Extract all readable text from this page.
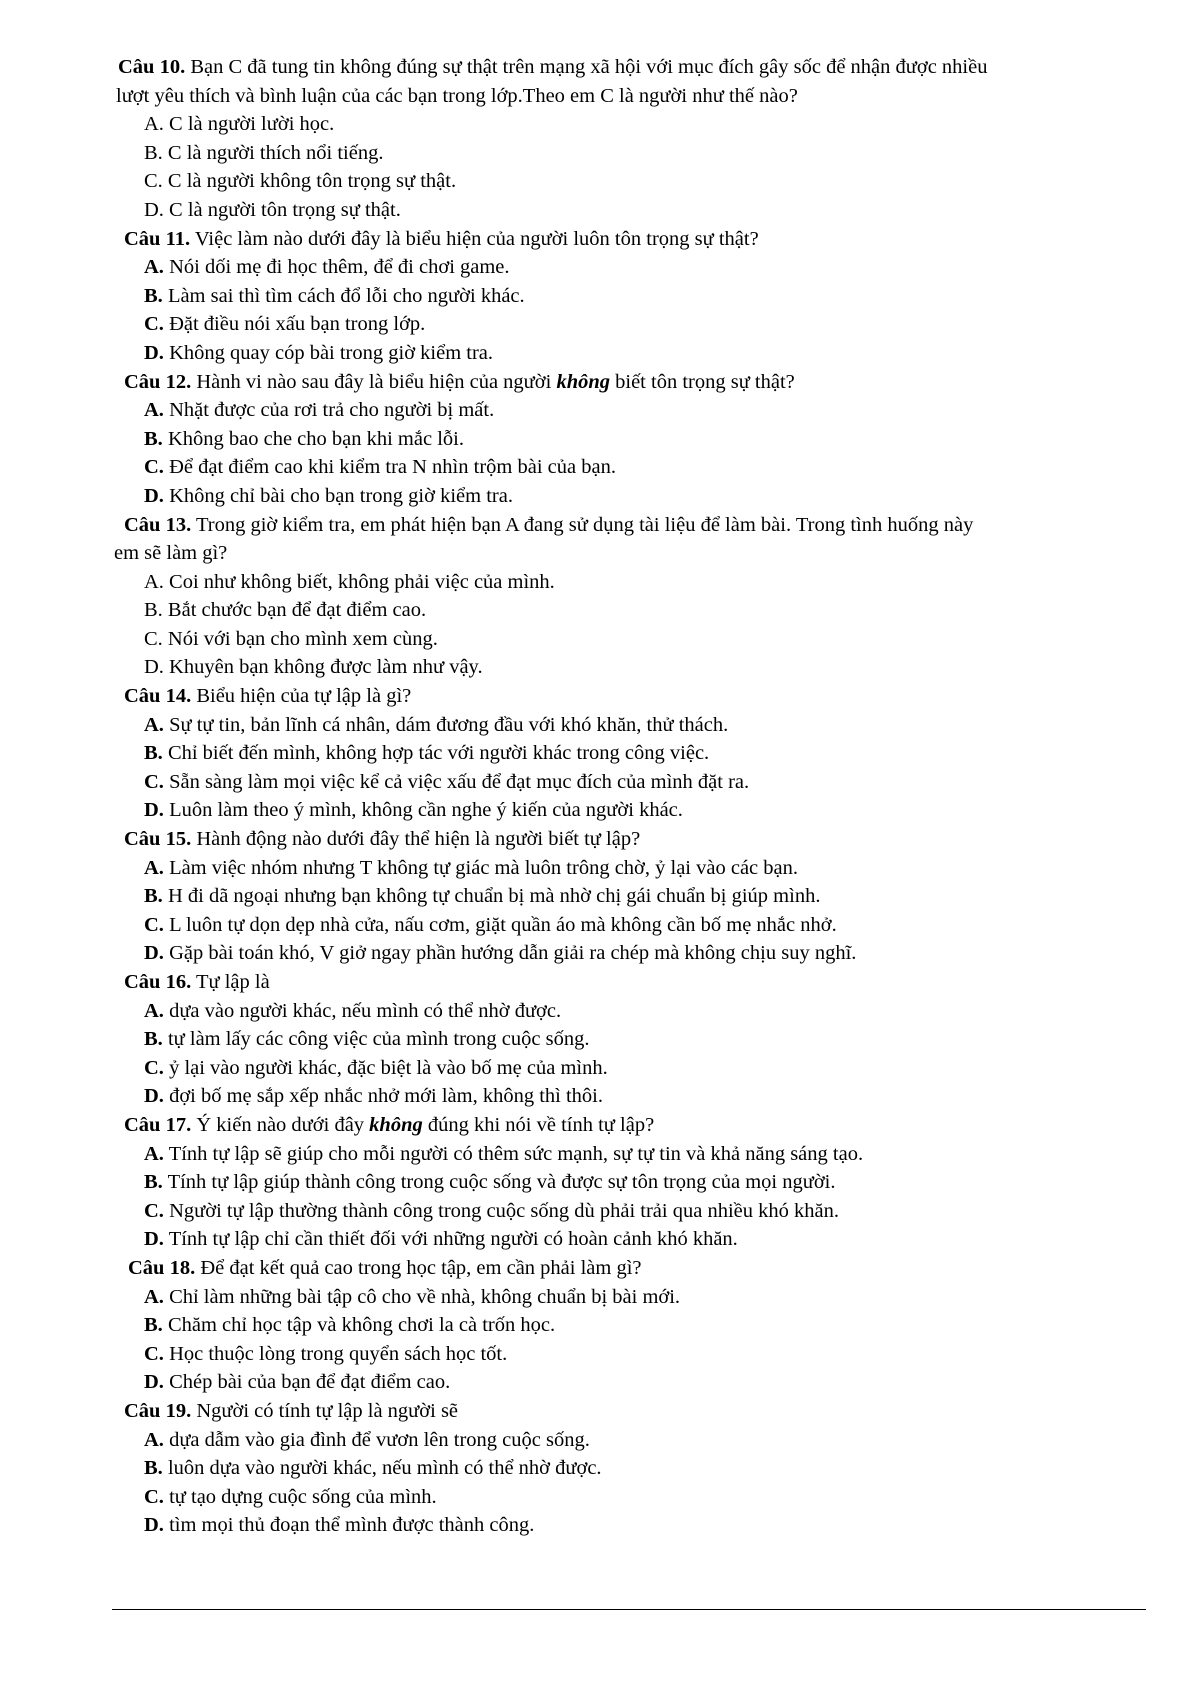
Câu 10. Bạn C đã tung tin không đúng sự thật trên mạng xã hội với mục đích gây sốc để nhận được nhiều
lượt yêu thích và bình luận của các bạn trong lớp.Theo em C là người như thế nào?
A. C là người lười học.
B. C là người thích nổi tiếng.
C. C là người không tôn trọng sự thật.
D. C là người tôn trọng sự thật.
Câu 11. Việc làm nào dưới đây là biểu hiện của người luôn tôn trọng sự thật?
A. Nói dối mẹ đi học thêm, để đi chơi game.
B. Làm sai thì tìm cách đổ lỗi cho người khác.
C. Đặt điều nói xấu bạn trong lớp.
D. Không quay cóp bài trong giờ kiểm tra.
Câu 12. Hành vi nào sau đây là biểu hiện của người không biết tôn trọng sự thật?
A. Nhặt được của rơi trả cho người bị mất.
B. Không bao che cho bạn khi mắc lỗi.
C. Để đạt điểm cao khi kiểm tra N nhìn trộm bài của bạn.
D. Không chỉ bài cho bạn trong giờ kiểm tra.
Câu 13. Trong giờ kiểm tra, em phát hiện bạn A đang sử dụng tài liệu để làm bài. Trong tình huống này
em sẽ làm gì?
A. Coi như không biết, không phải việc của mình.
B. Bắt chước bạn để đạt điểm cao.
C. Nói với bạn cho mình xem cùng.
D. Khuyên bạn không được làm như vậy.
Câu 14. Biểu hiện của tự lập là gì?
A. Sự tự tin, bản lĩnh cá nhân, dám đương đầu với khó khăn, thử thách.
B. Chỉ biết đến mình, không hợp tác với người khác trong công việc.
C. Sẵn sàng làm mọi việc kể cả việc xấu để đạt mục đích của mình đặt ra.
D. Luôn làm theo ý mình, không cần nghe ý kiến của người khác.
Câu 15. Hành động nào dưới đây thể hiện là người biết tự lập?
A. Làm việc nhóm nhưng T không tự giác mà luôn trông chờ, ỷ lại vào các bạn.
B. H đi dã ngoại nhưng bạn không tự chuẩn bị mà nhờ chị gái chuẩn bị giúp mình.
C. L luôn tự dọn dẹp nhà cửa, nấu cơm, giặt quần áo mà không cần bố mẹ nhắc nhở.
D. Gặp bài toán khó, V giở ngay phần hướng dẫn giải ra chép mà không chịu suy nghĩ.
Câu 16. Tự lập là
A. dựa vào người khác, nếu mình có thể nhờ được.
B. tự làm lấy các công việc của mình trong cuộc sống.
C. ỷ lại vào người khác, đặc biệt là vào bố mẹ của mình.
D. đợi bố mẹ sắp xếp nhắc nhở mới làm, không thì thôi.
Câu 17. Ý kiến nào dưới đây không đúng khi nói về tính tự lập?
A. Tính tự lập sẽ giúp cho mỗi người có thêm sức mạnh, sự tự tin và khả năng sáng tạo.
B. Tính tự lập giúp thành công trong cuộc sống và được sự tôn trọng của mọi người.
C. Người tự lập thường thành công trong cuộc sống dù phải trải qua nhiều khó khăn.
D. Tính tự lập chỉ cần thiết đối với những người có hoàn cảnh khó khăn.
Câu 18. Để đạt kết quả cao trong học tập, em cần phải làm gì?
A. Chỉ làm những bài tập cô cho về nhà, không chuẩn bị bài mới.
B. Chăm chỉ học tập và không chơi la cà trốn học.
C. Học thuộc lòng trong quyển sách học tốt.
D. Chép bài của bạn để đạt điểm cao.
Câu 19. Người có tính tự lập là người sẽ
A. dựa dẫm vào gia đình để vươn lên trong cuộc sống.
B. luôn dựa vào người khác, nếu mình có thể nhờ được.
C. tự tạo dựng cuộc sống của mình.
D. tìm mọi thủ đoạn thể mình được thành công.
